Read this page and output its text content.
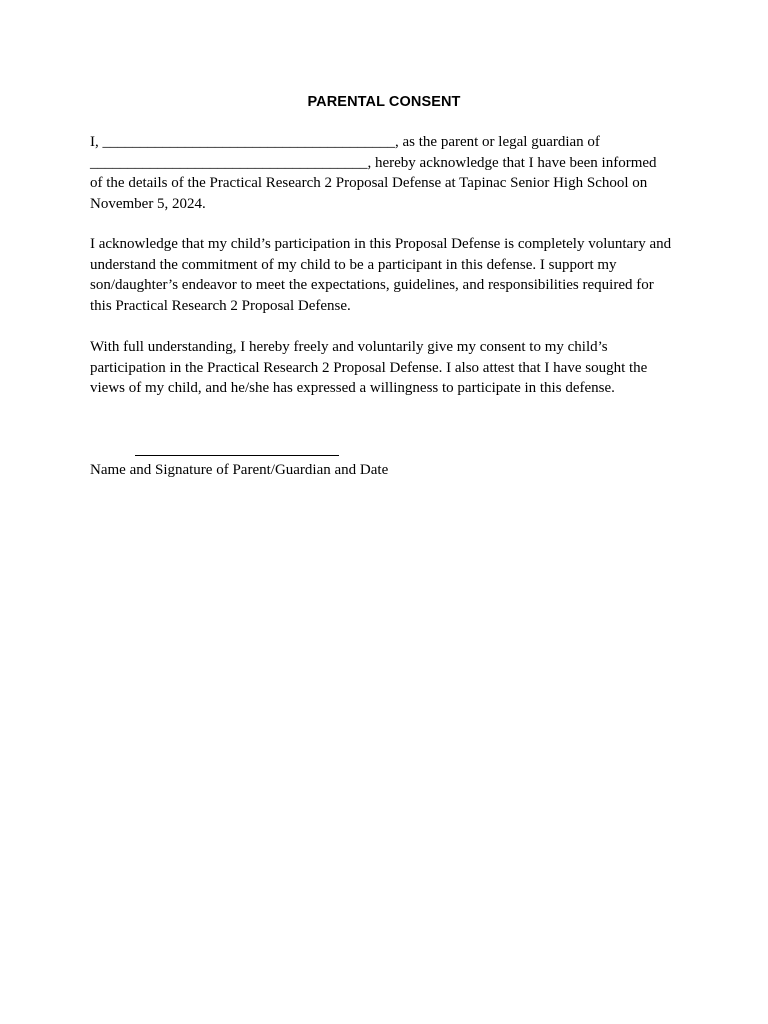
PARENTAL CONSENT
I, _______________________________________, as the parent or legal guardian of
_____________________________________, hereby acknowledge that I have been informed
of the details of the Practical Research 2 Proposal Defense at Tapinac Senior High School on
November 5, 2024.
I acknowledge that my child’s participation in this Proposal Defense is completely voluntary and
understand the commitment of my child to be a participant in this defense. I support my
son/daughter’s endeavor to meet the expectations, guidelines, and responsibilities required for
this Practical Research 2 Proposal Defense.
With full understanding, I hereby freely and voluntarily give my consent to my child’s
participation in the Practical Research 2 Proposal Defense. I also attest that I have sought the
views of my child, and he/she has expressed a willingness to participate in this defense.
Name and Signature of Parent/Guardian and Date
